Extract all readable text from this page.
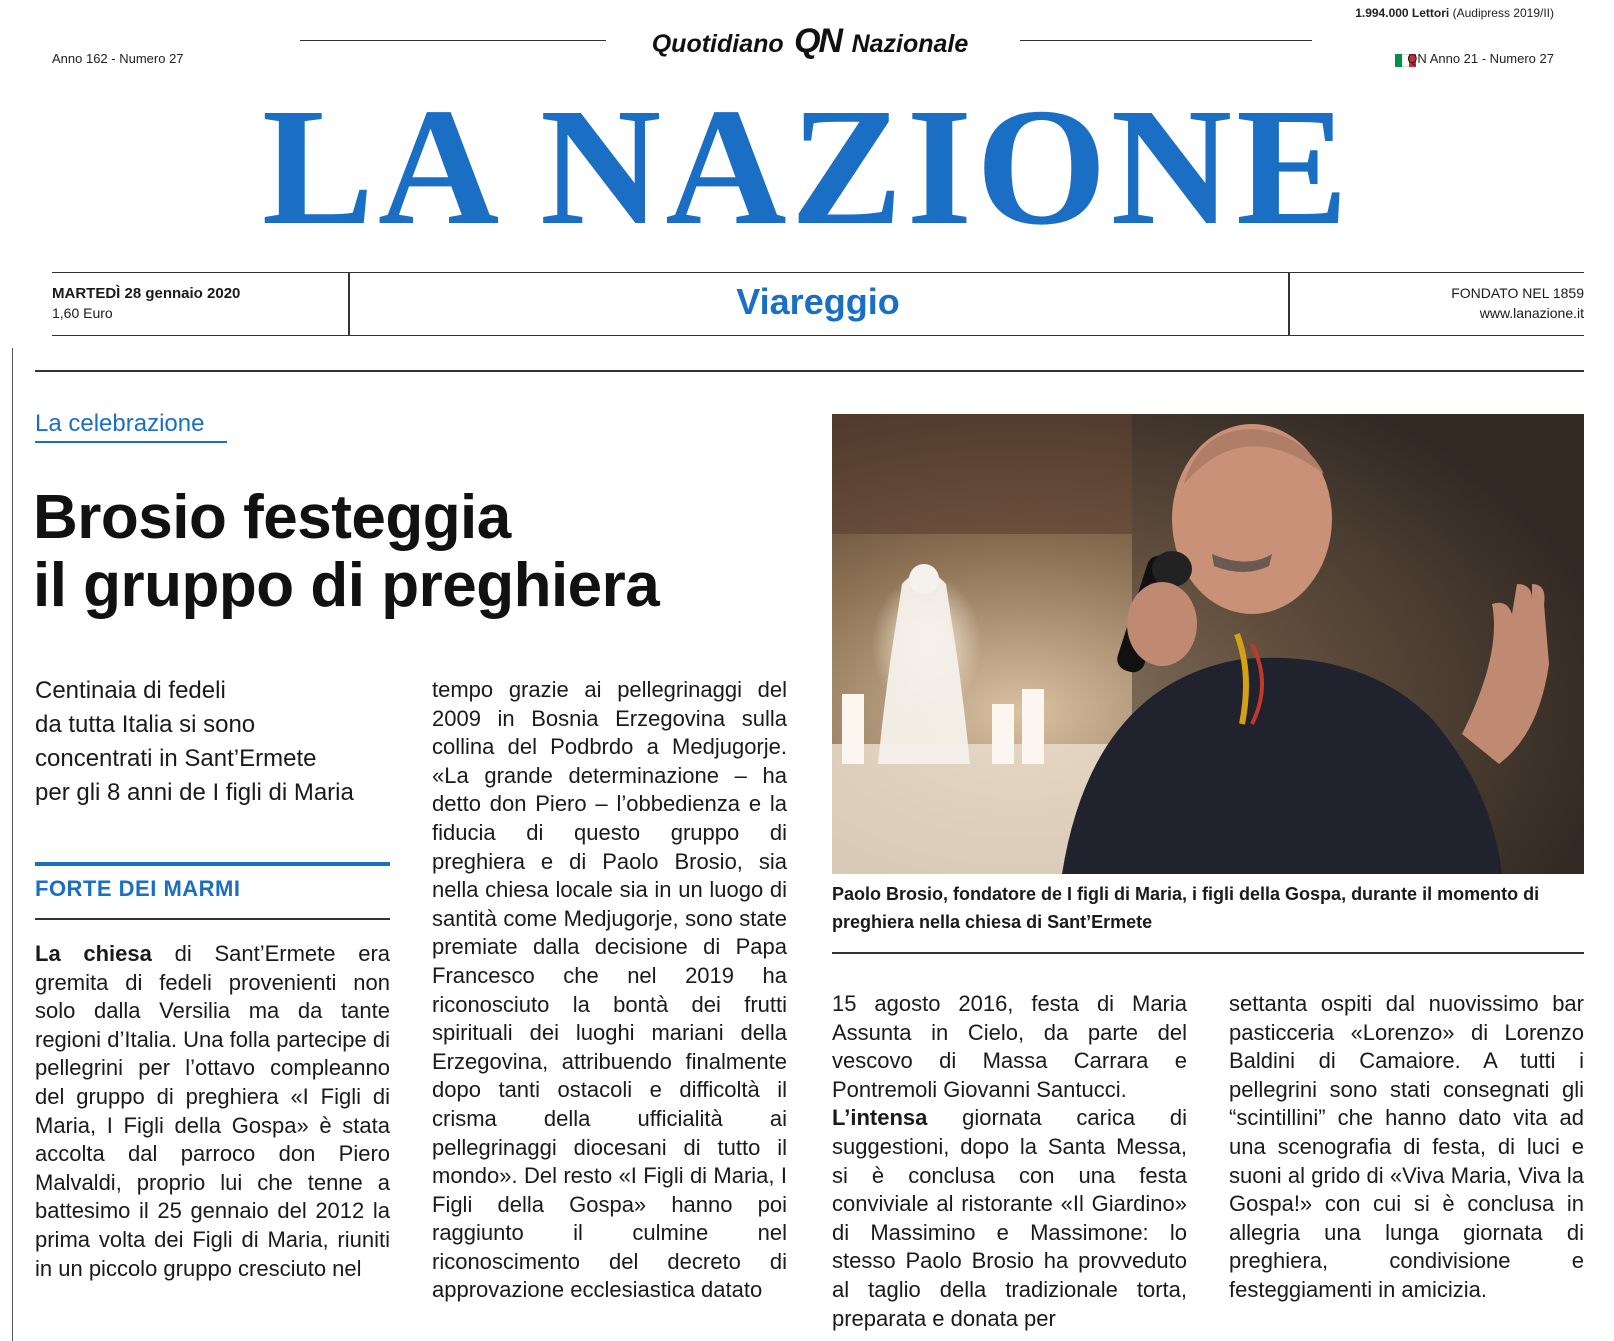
1.994.000 Lettori (Audipress 2019/II)
Quotidiano QN Nazionale
Anno 162 - Numero 27	QN Anno 21 - Numero 27
LA NAZIONE
MARTEDÌ 28 gennaio 2020
1,60 Euro	Viareggio	FONDATO NEL 1859
www.lanazione.it
La celebrazione
Brosio festeggia
il gruppo di preghiera
Centinaia di fedeli
da tutta Italia si sono
concentrati in Sant’Ermete
per gli 8 anni de I figli di Maria
FORTE DEI MARMI

La chiesa di Sant’Ermete era gremita di fedeli provenienti non solo dalla Versilia ma da tante regioni d’Italia. Una folla partecipe di pellegrini per l’ottavo compleanno del gruppo di preghiera «I Figli di Maria, I Figli della Gospa» è stata accolta dal parroco don Piero Malvaldi, proprio lui che tenne a battesimo il 25 gennaio del 2012 la prima volta dei Figli di Maria, riuniti in un piccolo gruppo cresciuto nel

tempo grazie ai pellegrinaggi del 2009 in Bosnia Erzegovina sulla collina del Podbrdo a Medjugorje. «La grande determinazione – ha detto don Piero – l’obbedienza e la fiducia di questo gruppo di preghiera e di Paolo Brosio, sia nella chiesa locale sia in un luogo di santità come Medjugorje, sono state premiate dalla decisione di Papa Francesco che nel 2019 ha riconosciuto la bontà dei frutti spirituali dei luoghi mariani della Erzegovina, attribuendo finalmente dopo tanti ostacoli e difficoltà il crisma della ufficialità ai pellegrinaggi diocesani di tutto il mondo». Del resto «I Figli di Maria, I Figli della Gospa» hanno poi raggiunto il culmine nel riconoscimento del decreto di approvazione ecclesiastica datato

Paolo Brosio, fondatore de I figli di Maria, i figli della Gospa, durante il momento di preghiera nella chiesa di Sant’Ermete

15 agosto 2016, festa di Maria Assunta in Cielo, da parte del vescovo di Massa Carrara e Pontremoli Giovanni Santucci.

L’intensa giornata carica di suggestioni, dopo la Santa Messa, si è conclusa con una festa conviviale al ristorante «Il Giardino» di Massimino e Massimone: lo stesso Paolo Brosio ha provveduto al taglio della tradizionale torta, preparata e donata per

settanta ospiti dal nuovissimo bar pasticceria «Lorenzo» di Lorenzo Baldini di Camaiore. A tutti i pellegrini sono stati consegnati gli “scintillini” che hanno dato vita ad una scenografia di festa, di luci e suoni al grido di «Viva Maria, Viva la Gospa!» con cui si è conclusa in allegria una lunga giornata di preghiera, condivisione e festeggiamenti in amicizia.
